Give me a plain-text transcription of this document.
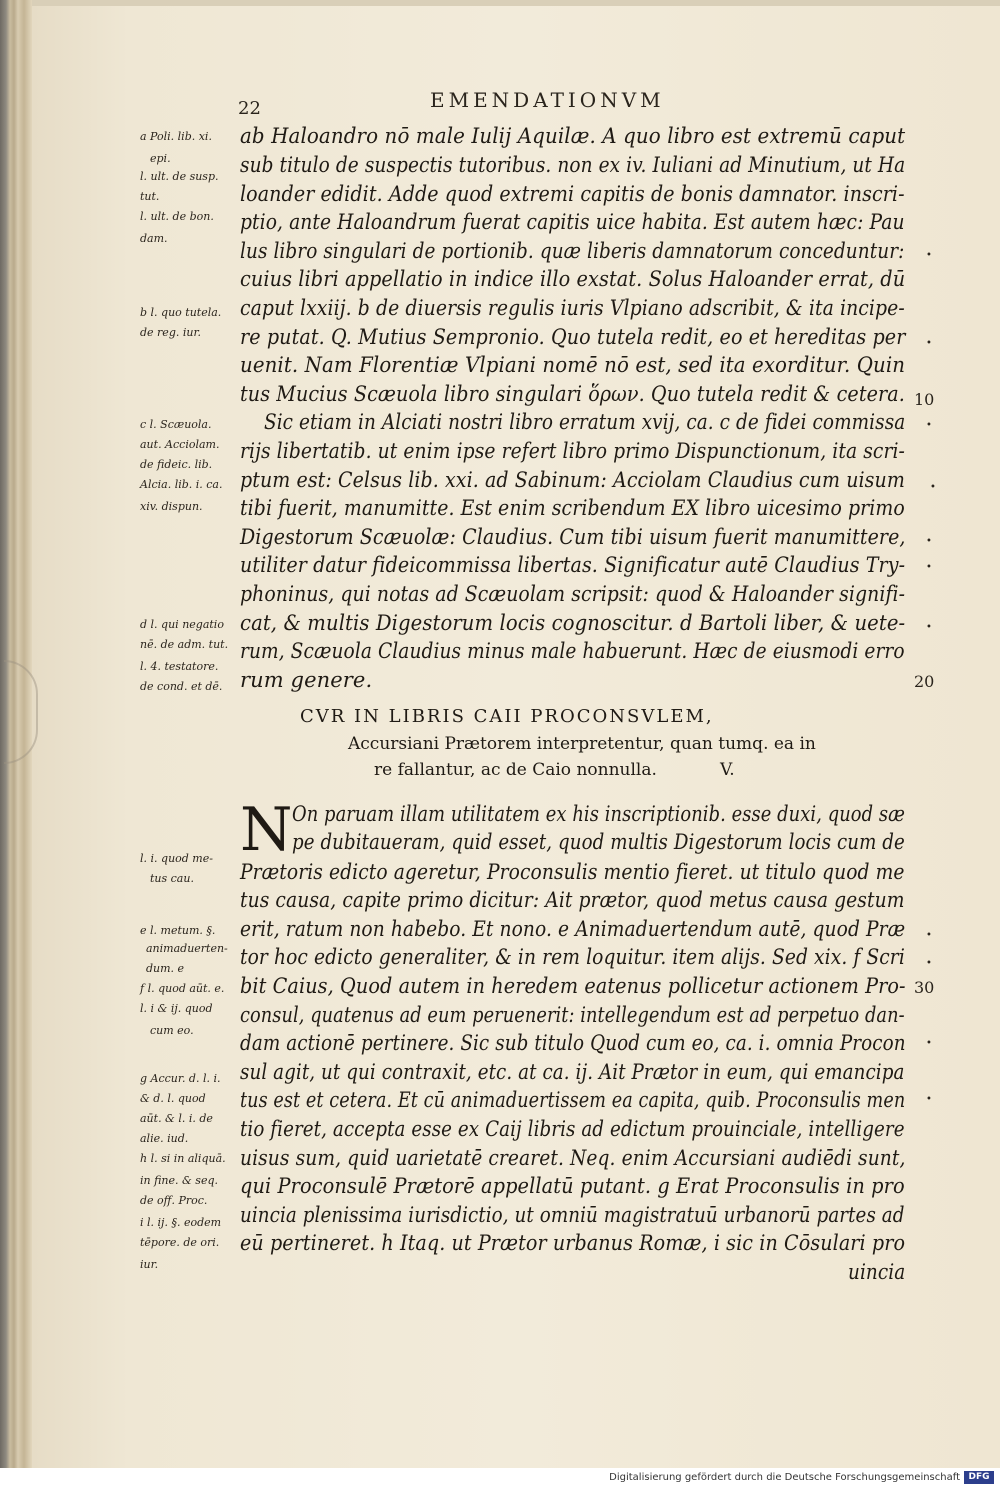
22	EMENDATIONVM
ab Haloandro nō male Iulij Aquilæ. A quo libro est extremū caput
sub titulo de suspectis tutoribus. non ex iv. Iuliani ad Minutium, ut Ha
loander edidit. Adde quod extremi capitis de bonis damnator. inscri-
ptio, ante Haloandrum fuerat capitis uice habita. Est autem hæc: Pau
lus libro singulari de portionib. quæ liberis damnatorum conceduntur:
cuius libri appellatio in indice illo exstat. Solus Haloander errat, dū
caput lxxiij. b de diuersis regulis iuris Vlpiano adscribit, & ita incipe-
re putat. Q. Mutius Sempronio. Quo tutela redit, eo et hereditas per
uenit. Nam Florentiæ Vlpiani nomē nō est, sed ita exorditur. Quin
tus Mucius Scæuola libro singulari ὅρων. Quo tutela redit & cetera.
Sic etiam in Alciati nostri libro erratum xvij, ca. c de fidei commissa
rijs libertatib. ut enim ipse refert libro primo Dispunctionum, ita scri-
ptum est: Celsus lib. xxi. ad Sabinum: Acciolam Claudius cum uisum
tibi fuerit, manumitte. Est enim scribendum EX libro uicesimo primo
Digestorum Scæuolæ: Claudius. Cum tibi uisum fuerit manumittere,
utiliter datur fideicommissa libertas. Significatur autē Claudius Try-
phoninus, qui notas ad Scæuolam scripsit: quod & Haloander signifi-
cat, & multis Digestorum locis cognoscitur. d Bartoli liber, & uete-
rum, Scæuola Claudius minus male habuerunt. Hæc de eiusmodi erro
rum genere.
CVR IN LIBRIS CAII PROCONSVLEM,
Accursiani Prætorem interpretentur, quan tumq. ea in
re fallantur, ac de Caio nonnulla.	V.
N On paruam illam utilitatem ex his inscriptionib. esse duxi, quod sæ
pe dubitaueram, quid esset, quod multis Digestorum locis cum de
Prætoris edicto ageretur, Proconsulis mentio fieret. ut titulo quod me
tus causa, capite primo dicitur: Ait prætor, quod metus causa gestum
erit, ratum non habebo. Et nono. e Animaduertendum autē, quod Præ
tor hoc edicto generaliter, & in rem loquitur. item alijs. Sed xix. f Scri
bit Caius, Quod autem in heredem eatenus pollicetur actionem Pro-
consul, quatenus ad eum peruenerit: intellegendum est ad perpetuo dan-
dam actionē pertinere. Sic sub titulo Quod cum eo, ca. i. omnia Procon
sul agit, ut qui contraxit, etc. at ca. ij. Ait Prætor in eum, qui emancipa
tus est et cetera. Et cū animaduertissem ea capita, quib. Proconsulis men
tio fieret, accepta esse ex Caij libris ad edictum prouinciale, intelligere
uisus sum, quid uarietatē crearet. Neq. enim Accursiani audiēdi sunt,
qui Proconsulē Prætorē appellatū putant. g Erat Proconsulis in pro
uincia plenissima iurisdictio, ut omniū magistratuū urbanorū partes ad
eū pertineret. h Itaq. ut Prætor urbanus Romæ, i sic in Cōsulari pro
uincia
a Poli. lib. xi.
epi.
l. ult. de susp.
tut.
l. ult. de bon.
dam.
b l. quo tutela.
de reg. iur.
c l. Scæuola.
aut. Acciolam.
de fideic. lib.
Alcia. lib. i. ca.
xiv. dispun.
d l. qui negatio
nē. de adm. tut.
l. 4. testatore.
de cond. et dē.
l. i. quod me-
tus cau.
e l. metum. §.
animaduerten-
dum. e
f l. quod aūt. e.
l. i & ij. quod
cum eo.
g Accur. d. l. i.
& d. l. quod
aūt. & l. i. de
alie. iud.
h l. si in aliquā.
in fine. & seq.
de off. Proc.
i l. ij. §. eodem
tēpore. de ori.
iur.
10
20
30
•
•
•
•
•
•
•
•
•
•
•
Digitalisierung gefördert durch die Deutsche Forschungsgemeinschaft DFG
